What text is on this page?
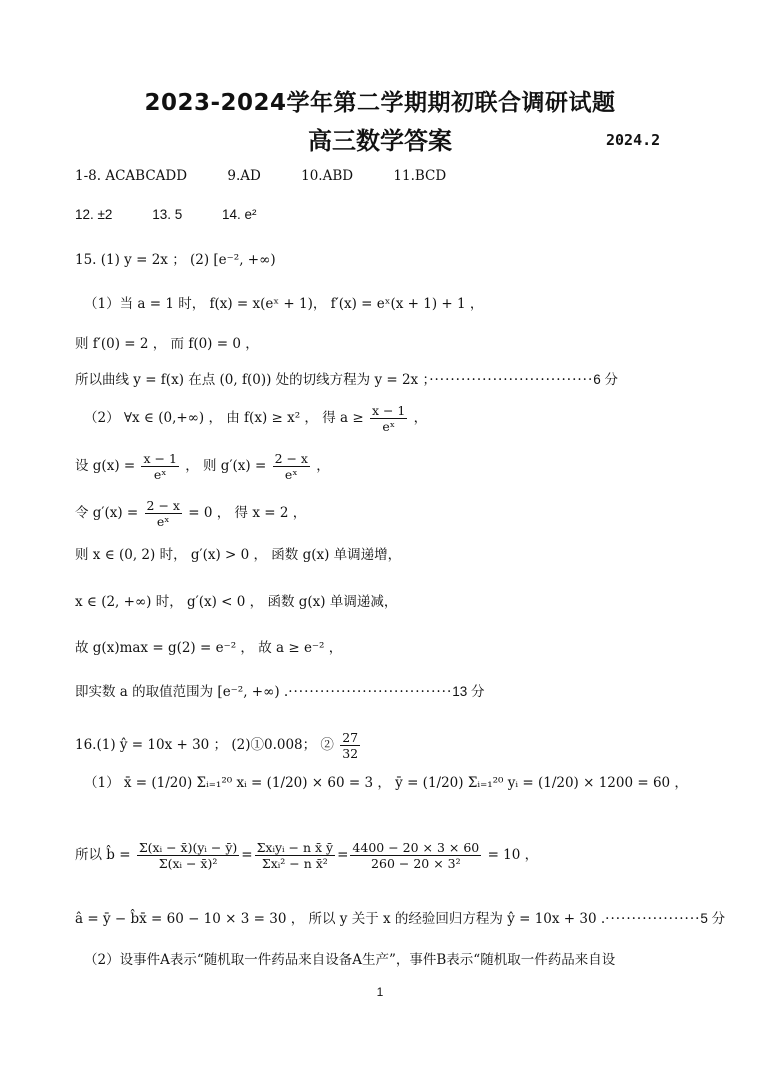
2023-2024学年第二学期期初联合调研试题
高三数学答案	2024.2
1-8. ACABCADD	9.AD	10.ABD	11.BCD
12. ±2	13. 5	14. e²
15. (1) y = 2x ； (2) [e⁻², +∞)
（1）当 a = 1 时， f(x) = x(eˣ + 1)， f′(x) = eˣ(x + 1) + 1 ，
则 f′(0) = 2 ， 而 f(0) = 0 ，
所以曲线 y = f(x) 在点 (0, f(0)) 处的切线方程为 y = 2x ；·······························6 分
（2） ∀x ∈ (0,+∞) ， 由 f(x) ≥ x² ， 得 $a \ge \frac{x - 1}{\text{eˣ}}$ ，
设 $g(x) = \frac{x - 1}{\text{eˣ}}$ ， 则 $g'(x) = \frac{2 - x}{\text{eˣ}}$ ，
令 $g'(x) = \frac{2 - x}{\text{eˣ}} = 0$ ， 得 x = 2 ，
则 x ∈ (0, 2) 时， g′(x) > 0 ， 函数 g(x) 单调递增，
x ∈ (2, +∞) 时， g′(x) < 0 ， 函数 g(x) 单调递减，
故 g(x)max = g(2) = e⁻² ， 故 a ≥ e⁻² ，
即实数 a 的取值范围为 [e⁻², +∞) .·······························13 分
16.(1) ŷ = 10x + 30 ； (2)①0.008； ② $\frac{27}{32}$
（1） x̄ = (1/20) Σᵢ₌₁²⁰ xᵢ = (1/20) × 60 = 3 ， ȳ = (1/20) Σᵢ₌₁²⁰ yᵢ = (1/20) × 1200 = 60 ，
所以 b̂ = $\frac{\text{Σ(xᵢ − x̄)(yᵢ − ȳ)}}{\text{Σ(xᵢ − x̄)²}} = \frac{\text{Σxᵢyᵢ − n x̄ ȳ}}{\text{Σxᵢ² − n x̄²}} = \frac{4400 - 20 \times 3 \times 60}{\text{260 − 20 × 3²}} = 10$ ，
â = ȳ − b̂x̄ = 60 − 10 × 3 = 30 ， 所以 y 关于 x 的经验回归方程为 ŷ = 10x + 30 .··················5 分
（2）设事件A表示“随机取一件药品来自设备A生产”，事件B表示“随机取一件药品来自设
1
